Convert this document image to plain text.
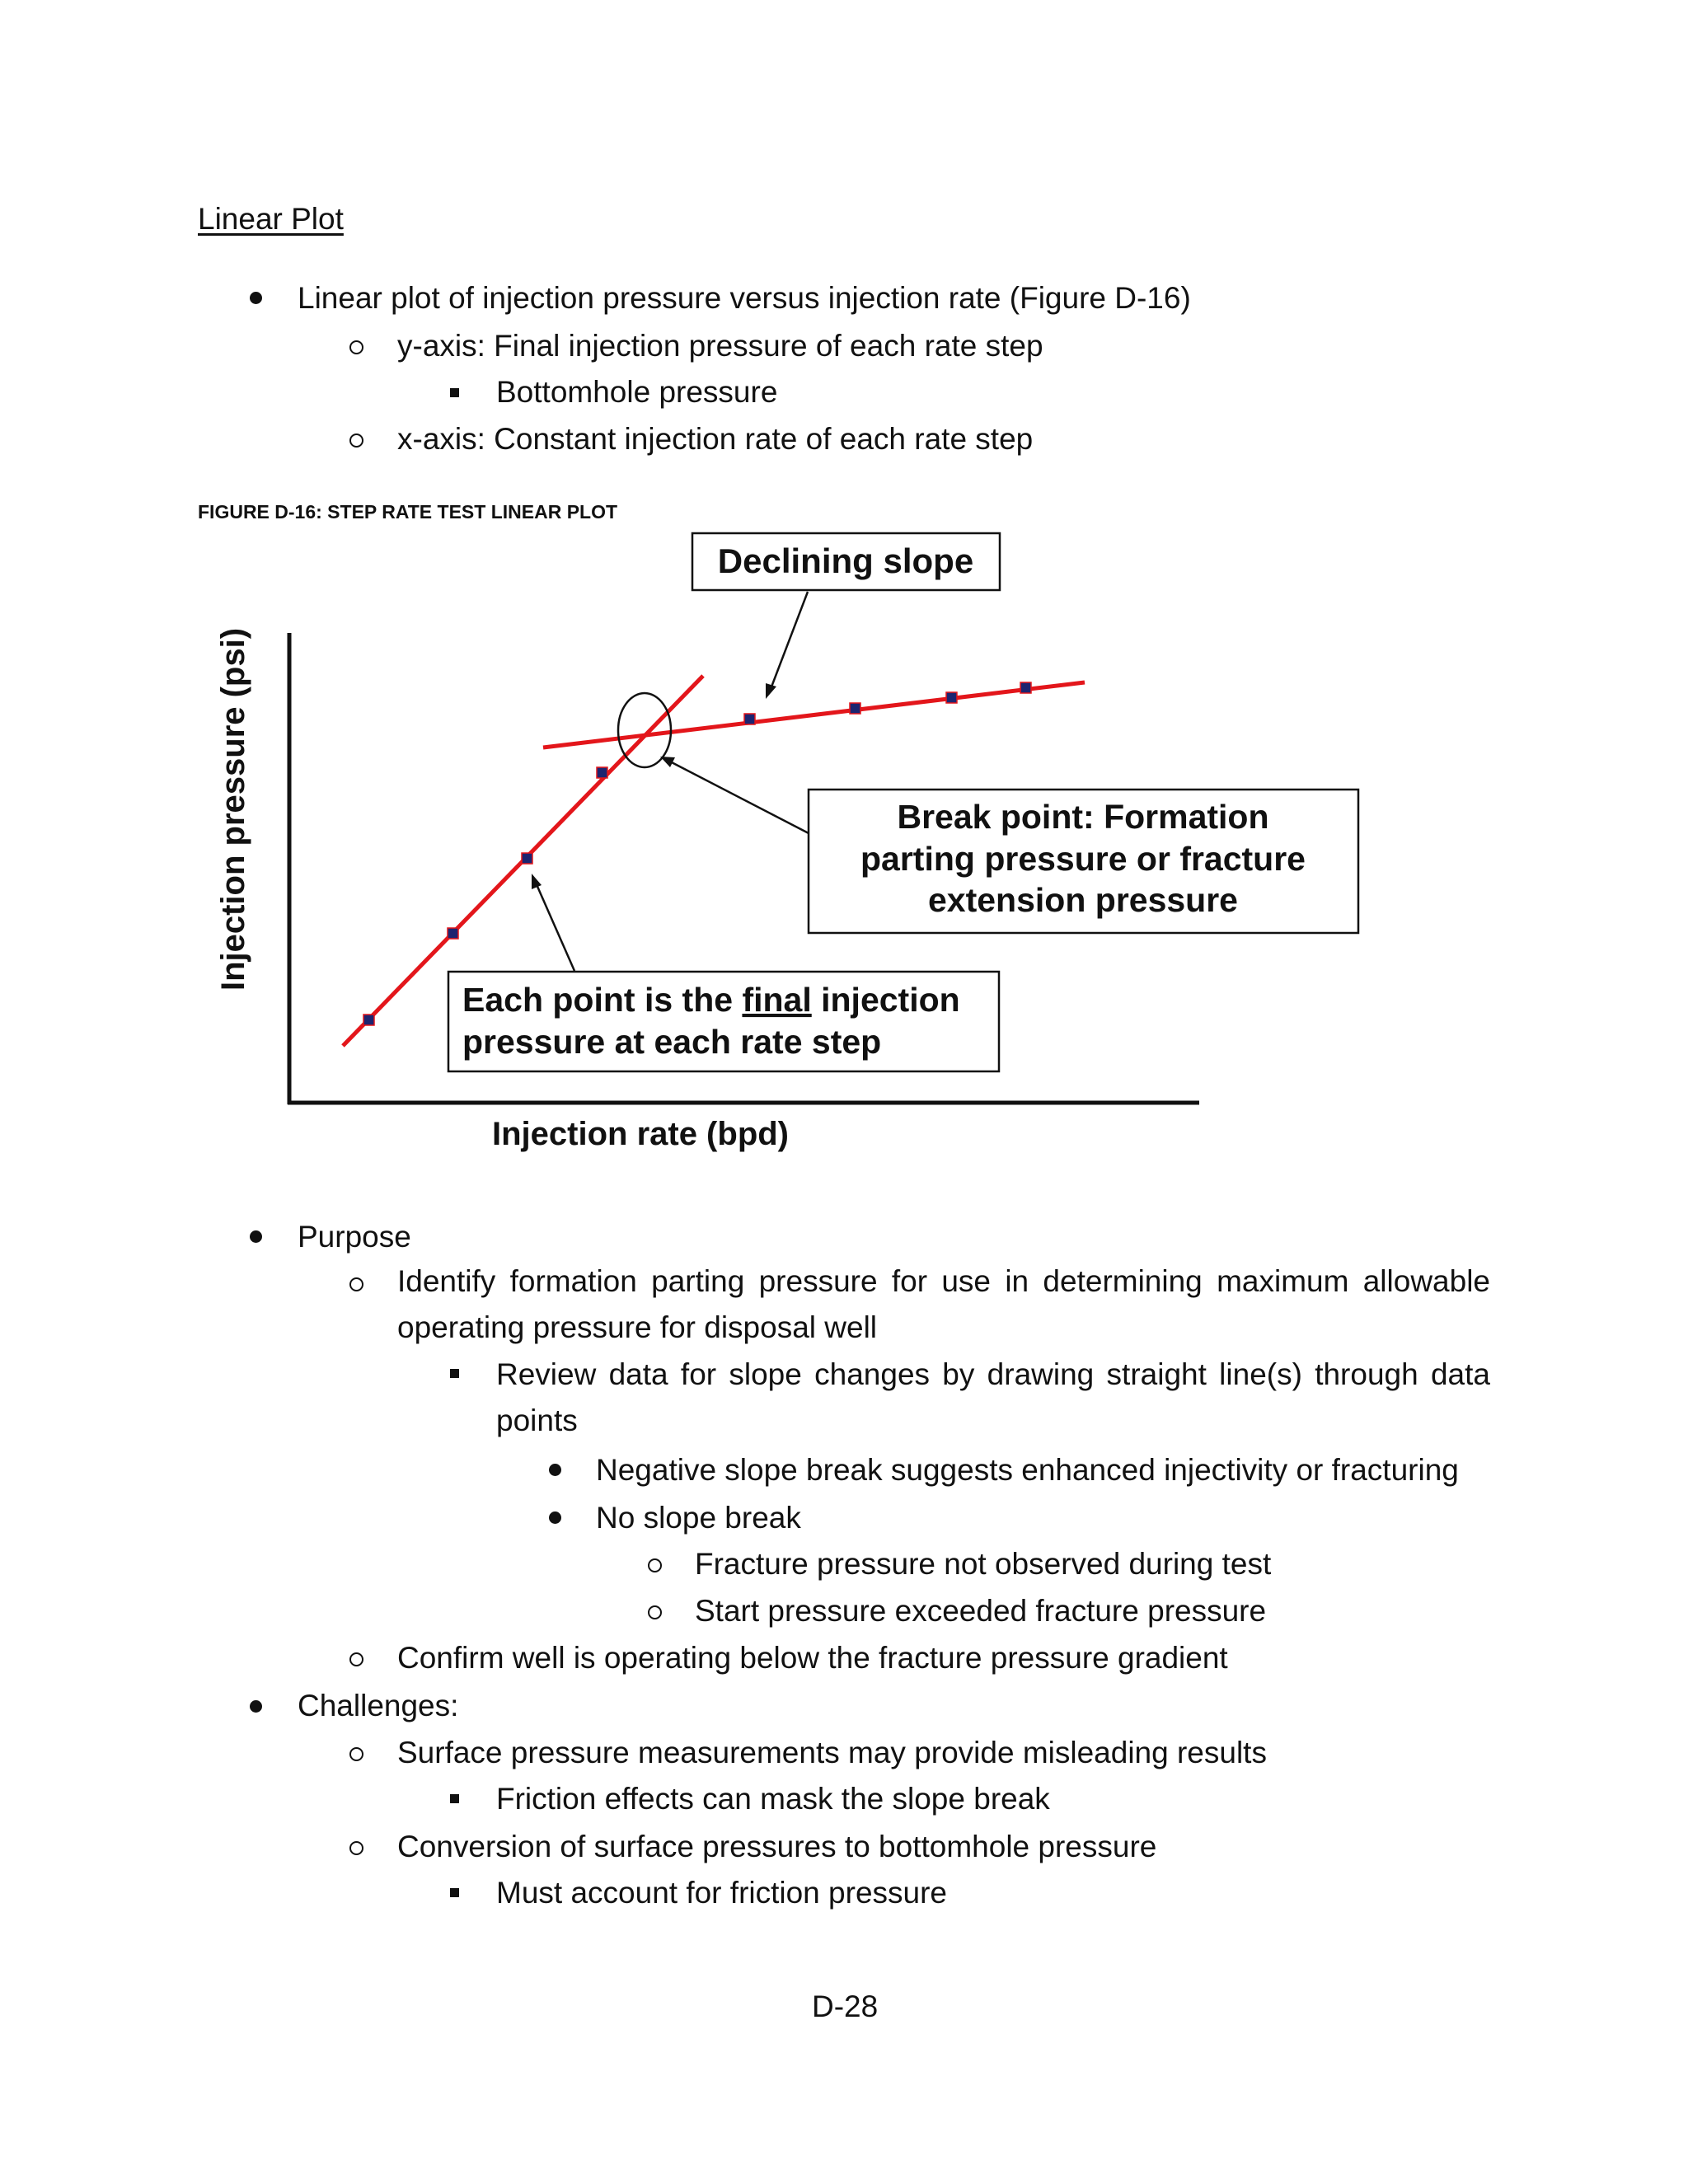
Linear Plot
Linear plot of injection pressure versus injection rate (Figure D-16)
y-axis: Final injection pressure of each rate step
Bottomhole pressure
x-axis: Constant injection rate of each rate step
FIGURE D-16: STEP RATE TEST LINEAR PLOT
Injection pressure (psi)
Injection rate (bpd)
Declining slope
Break point: Formation
parting pressure or fracture
extension pressure
Each point is the final injection
pressure at each rate step
Purpose
Identify formation parting pressure for use in determining maximum allowable operating pressure for disposal well
Review data for slope changes by drawing straight line(s) through data points
Negative slope break suggests enhanced injectivity or fracturing
No slope break
Fracture pressure not observed during test
Start pressure exceeded fracture pressure
Confirm well is operating below the fracture pressure gradient
Challenges:
Surface pressure measurements may provide misleading results
Friction effects can mask the slope break
Conversion of surface pressures to bottomhole pressure
Must account for friction pressure
D-28
